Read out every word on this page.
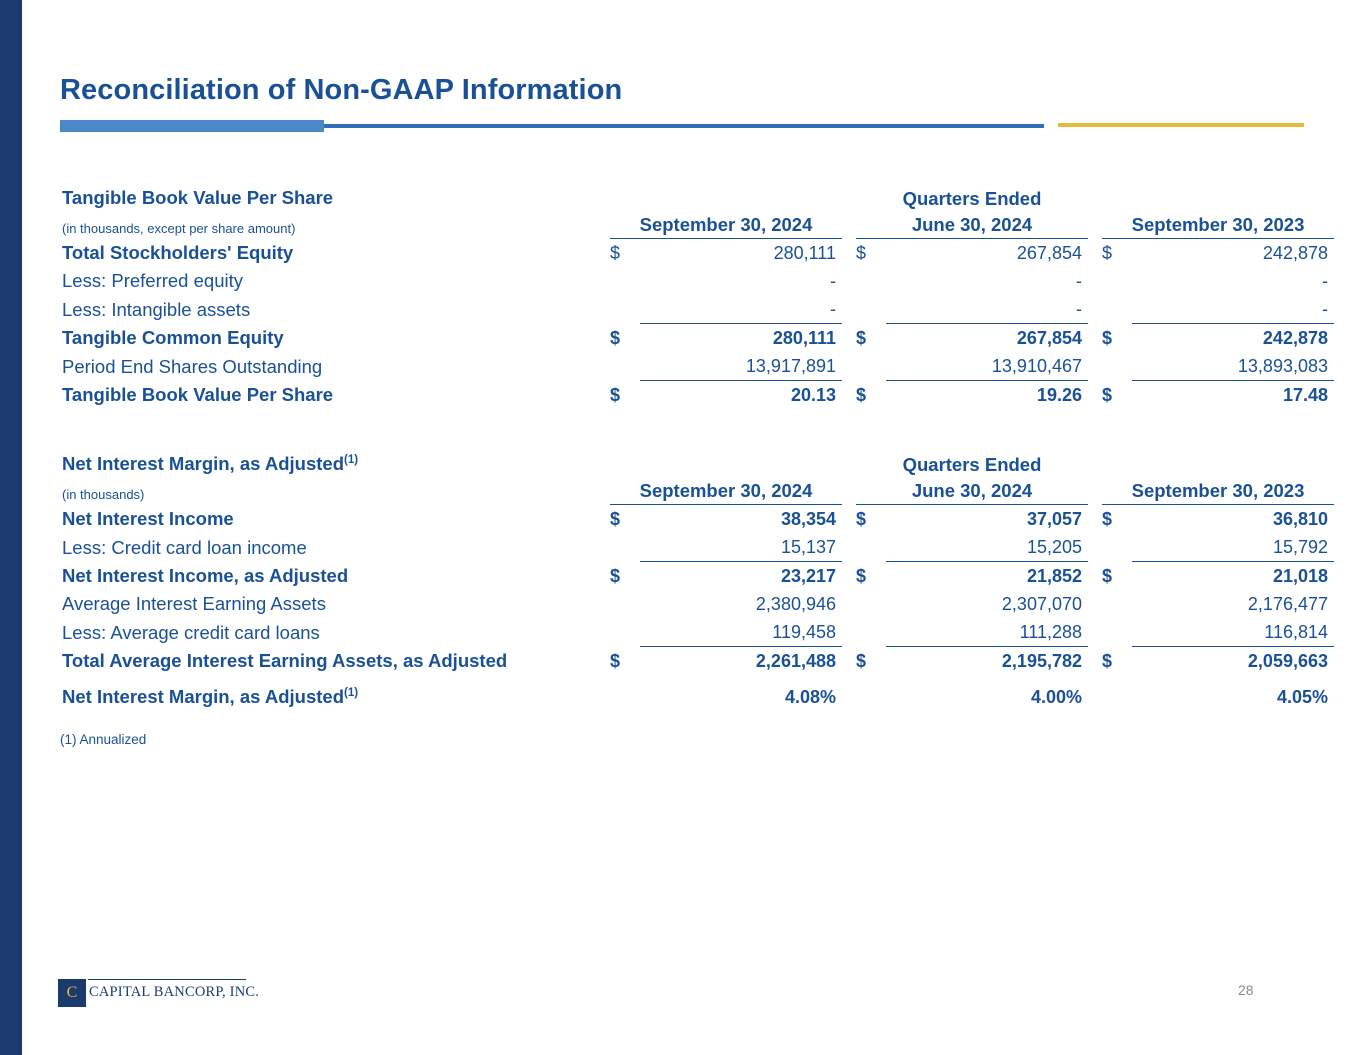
Reconciliation of Non-GAAP Information
Tangible Book Value Per Share	Quarters Ended							
(in thousands, except per share amount)	September 30, 2024			June 30, 2024			September 30, 2023	
Total Stockholders' Equity	$	280,111		$	267,854		$	242,878
Less: Preferred equity		-			-			-
Less: Intangible assets		-			-			-
Tangible Common Equity	$	280,111		$	267,854		$	242,878
Period End Shares Outstanding		13,917,891			13,910,467			13,893,083
Tangible Book Value Per Share	$	20.13		$	19.26		$	17.48
Net Interest Margin, as Adjusted$^{(1)}$	Quarters Ended							
(in thousands)	September 30, 2024			June 30, 2024			September 30, 2023	
Net Interest Income	$	38,354		$	37,057		$	36,810
Less: Credit card loan income		15,137			15,205			15,792
Net Interest Income, as Adjusted	$	23,217		$	21,852		$	21,018
Average Interest Earning Assets		2,380,946			2,307,070			2,176,477
Less: Average credit card loans		119,458			111,288			116,814
Total Average Interest Earning Assets, as Adjusted	$	2,261,488		$	2,195,782		$	2,059,663
Net Interest Margin, as Adjusted$^{(1)}$		4.08%			4.00%			4.05%
(1) Annualized
C CAPITAL BANCORP, INC.	28
